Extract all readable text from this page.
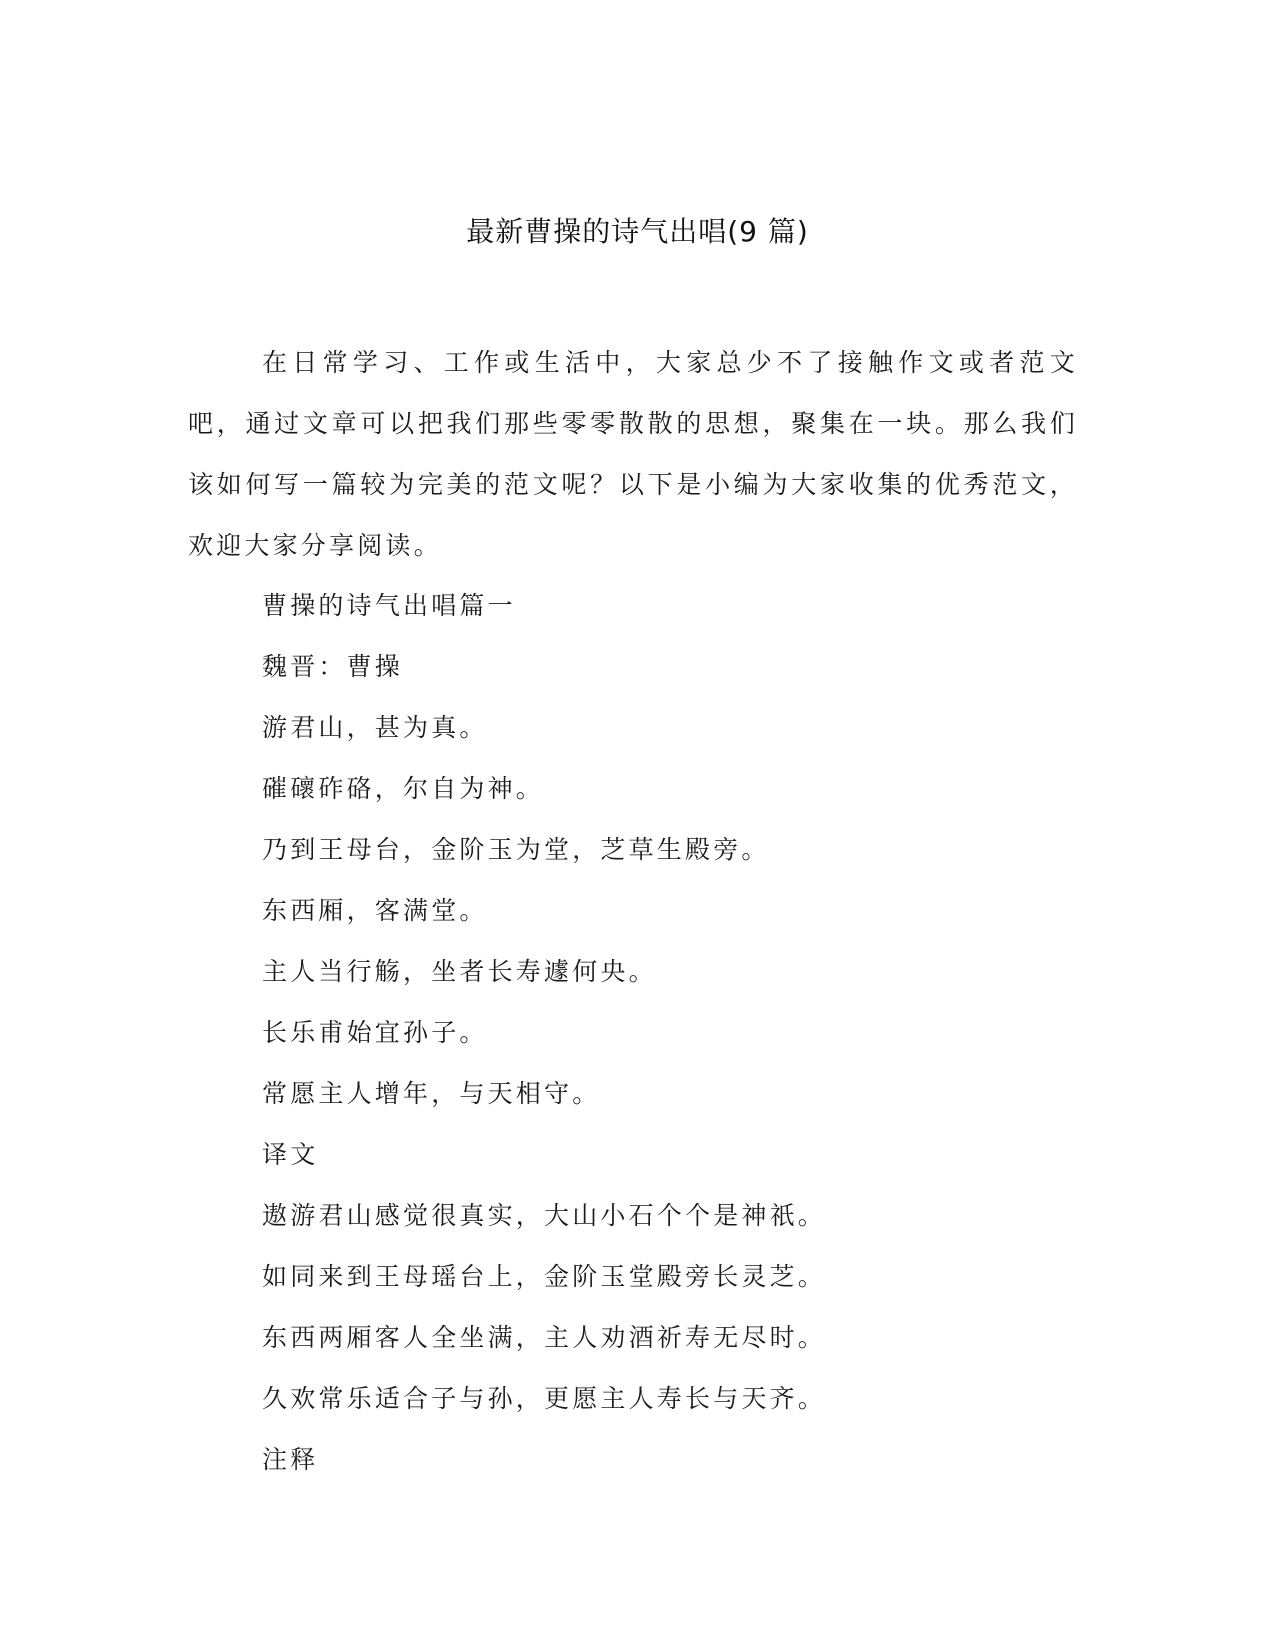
最新曹操的诗气出唱(9 篇)

在日常学习、工作或生活中，大家总少不了接触作文或者范文吧，通过文章可以把我们那些零零散散的思想，聚集在一块。那么我们该如何写一篇较为完美的范文呢？以下是小编为大家收集的优秀范文，欢迎大家分享阅读。

曹操的诗气出唱篇一
魏晋：曹操
游君山，甚为真。
磪䃶砟硌，尔自为神。
乃到王母台，金阶玉为堂，芝草生殿旁。
东西厢，客满堂。
主人当行觞，坐者长寿遽何央。
长乐甫始宜孙子。
常愿主人增年，与天相守。
译文
遨游君山感觉很真实，大山小石个个是神祇。
如同来到王母瑶台上，金阶玉堂殿旁长灵芝。
东西两厢客人全坐满，主人劝酒祈寿无尽时。
久欢常乐适合子与孙，更愿主人寿长与天齐。
注释
